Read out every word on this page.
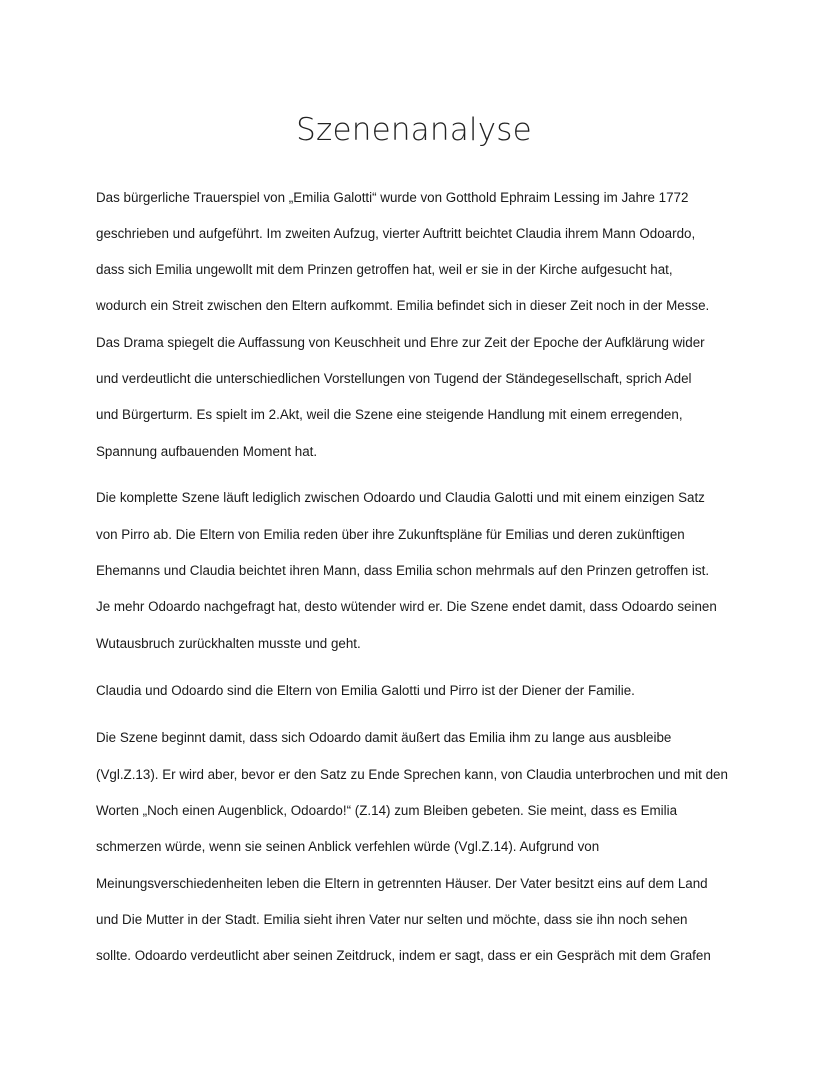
Szenenanalyse
Das bürgerliche Trauerspiel von „Emilia Galotti“ wurde von Gotthold Ephraim Lessing im Jahre 1772
geschrieben und aufgeführt. Im zweiten Aufzug, vierter Auftritt beichtet Claudia ihrem Mann Odoardo,
dass sich Emilia ungewollt mit dem Prinzen getroffen hat, weil er sie in der Kirche aufgesucht hat,
wodurch ein Streit zwischen den Eltern aufkommt. Emilia befindet sich in dieser Zeit noch in der Messe.
Das Drama spiegelt die Auffassung von Keuschheit und Ehre zur Zeit der Epoche der Aufklärung wider
und verdeutlicht die unterschiedlichen Vorstellungen von Tugend der Ständegesellschaft, sprich Adel
und Bürgerturm. Es spielt im 2.Akt, weil die Szene eine steigende Handlung mit einem erregenden,
Spannung aufbauenden Moment hat.
Die komplette Szene läuft lediglich zwischen Odoardo und Claudia Galotti und mit einem einzigen Satz
von Pirro ab. Die Eltern von Emilia reden über ihre Zukunftspläne für Emilias und deren zukünftigen
Ehemanns und Claudia beichtet ihren Mann, dass Emilia schon mehrmals auf den Prinzen getroffen ist.
Je mehr Odoardo nachgefragt hat, desto wütender wird er. Die Szene endet damit, dass Odoardo seinen
Wutausbruch zurückhalten musste und geht.
Claudia und Odoardo sind die Eltern von Emilia Galotti und Pirro ist der Diener der Familie.
Die Szene beginnt damit, dass sich Odoardo damit äußert das Emilia ihm zu lange aus ausbleibe
(Vgl.Z.13). Er wird aber, bevor er den Satz zu Ende Sprechen kann, von Claudia unterbrochen und mit den
Worten „Noch einen Augenblick, Odoardo!“ (Z.14) zum Bleiben gebeten. Sie meint, dass es Emilia
schmerzen würde, wenn sie seinen Anblick verfehlen würde (Vgl.Z.14). Aufgrund von
Meinungsverschiedenheiten leben die Eltern in getrennten Häuser. Der Vater besitzt eins auf dem Land
und Die Mutter in der Stadt. Emilia sieht ihren Vater nur selten und möchte, dass sie ihn noch sehen
sollte. Odoardo verdeutlicht aber seinen Zeitdruck, indem er sagt, dass er ein Gespräch mit dem Grafen
